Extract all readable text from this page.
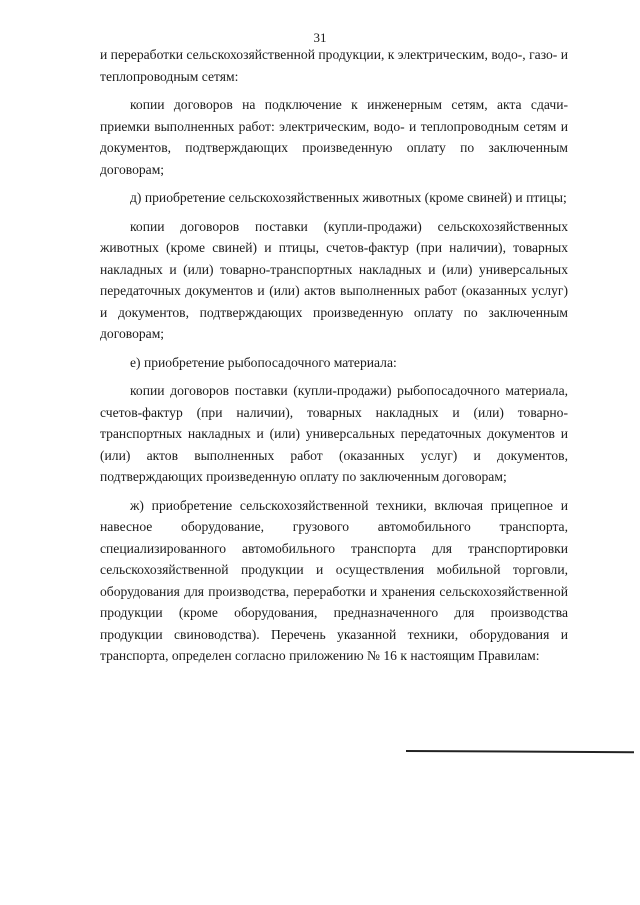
31

и переработки сельскохозяйственной продукции, к электрическим, водо-, газо- и теплопроводным сетям:

копии договоров на подключение к инженерным сетям, акта сдачи-приемки выполненных работ: электрическим, водо- и теплопроводным сетям и документов, подтверждающих произведенную оплату по заключенным договорам;

д) приобретение сельскохозяйственных животных (кроме свиней) и птицы;

копии договоров поставки (купли-продажи) сельскохозяйственных животных (кроме свиней) и птицы, счетов-фактур (при наличии), товарных накладных и (или) товарно-транспортных накладных и (или) универсальных передаточных документов и (или) актов выполненных работ (оказанных услуг) и документов, подтверждающих произведенную оплату по заключенным договорам;

е) приобретение рыбопосадочного материала:

копии договоров поставки (купли-продажи) рыбопосадочного материала, счетов-фактур (при наличии), товарных накладных и (или) товарно-транспортных накладных и (или) универсальных передаточных документов и (или) актов выполненных работ (оказанных услуг) и документов, подтверждающих произведенную оплату по заключенным договорам;

ж) приобретение сельскохозяйственной техники, включая прицепное и навесное оборудование, грузового автомобильного транспорта, специализированного автомобильного транспорта для транспортировки сельскохозяйственной продукции и осуществления мобильной торговли, оборудования для производства, переработки и хранения сельскохозяйственной продукции (кроме оборудования, предназначенного для производства продукции свиноводства). Перечень указанной техники, оборудования и транспорта, определен согласно приложению № 16 к настоящим Правилам:
